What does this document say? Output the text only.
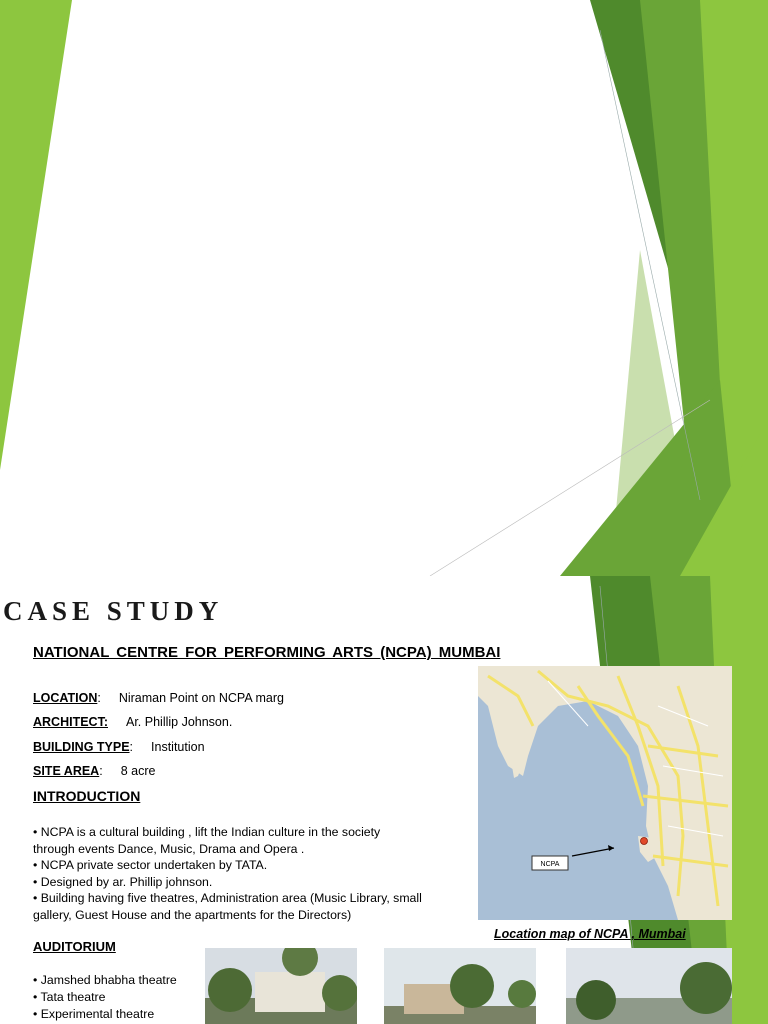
CASE STUDY
NATIONAL CENTRE FOR PERFORMING ARTS (NCPA) MUMBAI
LOCATION: Niraman Point on NCPA marg
ARCHITECT: Ar. Phillip Johnson.
BUILDING TYPE: Institution
SITE AREA: 8 acre
INTRODUCTION
• NCPA is a cultural building , lift the Indian culture in the society
through events Dance, Music, Drama and Opera .
• NCPA private sector undertaken by TATA.
• Designed by ar. Phillip johnson.
• Building having five theatres, Administration area (Music Library, small
gallery, Guest House and the apartments for the Directors)
NCPA
Location map of NCPA , Mumbai
AUDITORIUM
• Jamshed bhabha theatre
• Tata theatre
• Experimental theatre
